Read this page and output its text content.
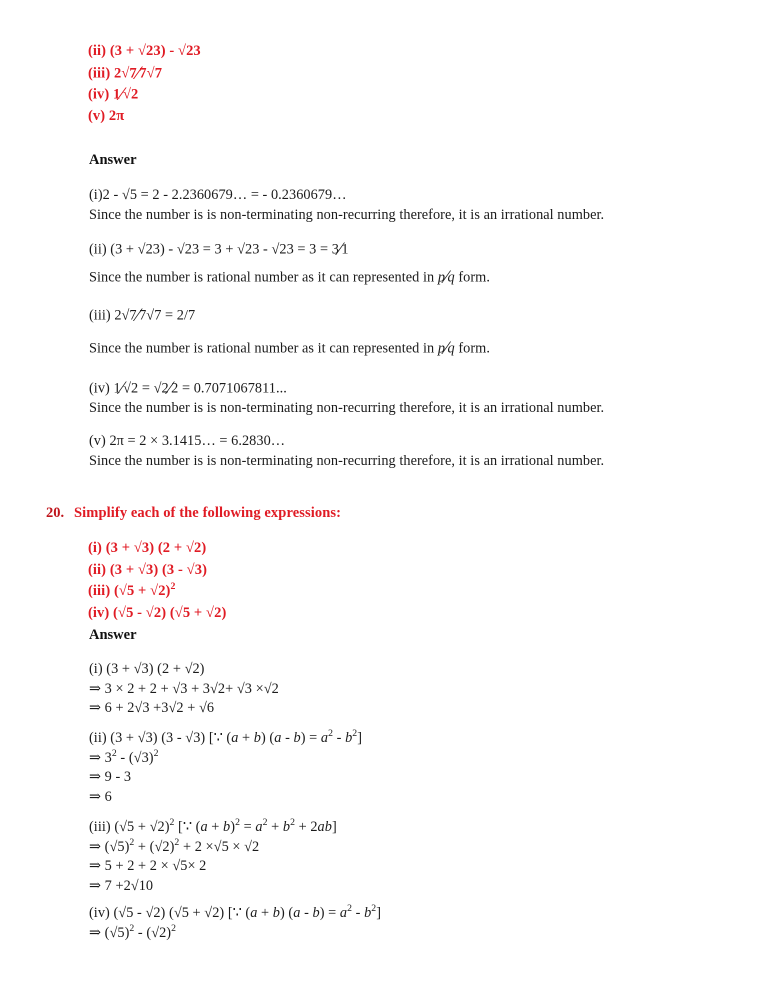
(ii) (3 + √23) - √23
(iii) 2√7⁄7√7
(iv) 1⁄√2
(v) 2π
Answer
(i)2 - √5 = 2 - 2.2360679… = - 0.2360679…
Since the number is is non-terminating non-recurring therefore, it is an irrational number.
(ii) (3 + √23) - √23 = 3 + √23 - √23 = 3 = 3⁄1
Since the number is rational number as it can represented in p⁄q form.
(iii) 2√7⁄7√7 = 2/7
Since the number is rational number as it can represented in p⁄q form.
(iv) 1⁄√2 = √2⁄2 = 0.7071067811...
Since the number is is non-terminating non-recurring therefore, it is an irrational number.
(v) 2π = 2 × 3.1415… = 6.2830…
Since the number is is non-terminating non-recurring therefore, it is an irrational number.
20. Simplify each of the following expressions:
(i) (3 + √3) (2 + √2)
(ii) (3 + √3) (3 - √3)
(iii) $(√5 + √2)^2$
(iv) (√5 - √2) (√5 + √2)
Answer
(i) (3 + √3) (2 + √2)
⇒ 3 × 2 + 2 + √3 + 3√2+ √3 ×√2
⇒ 6 + 2√3 +3√2 + √6
(ii) (3 + √3) (3 - √3) [∵ (a + b) $(a - b) = a^2 - b^2$]
⇒ $3^2 - (√3)^2$
⇒ 9 - 3
⇒ 6
(iii) $(√5 + √2)^2$ [∵ $(a + b)^2 = a^2 + b^2 + 2ab$]
⇒ $(√5)^2 + (√2)^2 + 2 \times√5 \times √2$
⇒ 5 + 2 + 2 × √5× 2
⇒ 7 +2√10
(iv) (√5 - √2) (√5 + √2) [∵ (a + b) $(a - b) = a^2 - b^2$]
⇒ $(√5)^2 - (√2)^2$
